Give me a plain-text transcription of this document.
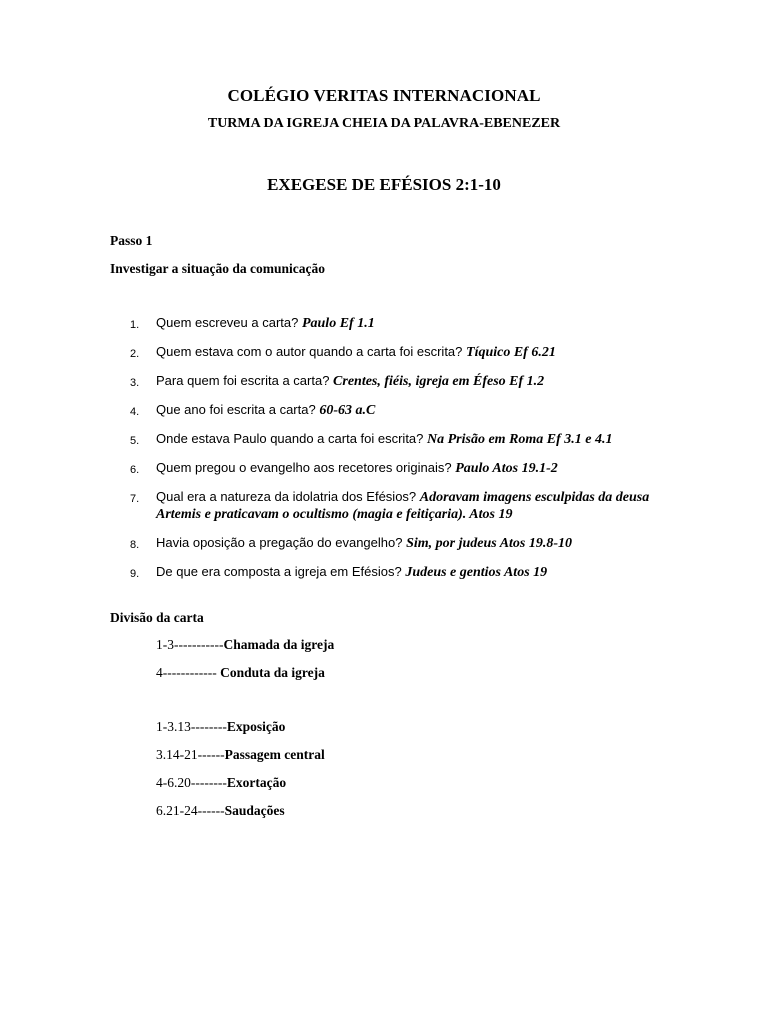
COLÉGIO VERITAS INTERNACIONAL
TURMA DA IGREJA CHEIA DA PALAVRA-EBENEZER
EXEGESE DE EFÉSIOS 2:1-10
Passo 1
Investigar a situação da comunicação
1. Quem escreveu a carta? Paulo Ef 1.1
2. Quem estava com o autor quando a carta foi escrita? Tíquico Ef 6.21
3. Para quem foi escrita a carta? Crentes, fiéis, igreja em Éfeso Ef 1.2
4. Que ano foi escrita a carta? 60-63 a.C
5. Onde estava Paulo quando a carta foi escrita? Na Prisão em Roma Ef 3.1 e 4.1
6. Quem pregou o evangelho aos recetores originais? Paulo Atos 19.1-2
7. Qual era a natureza da idolatria dos Efésios? Adoravam imagens esculpidas da deusa Artemis e praticavam o ocultismo (magia e feitiçaria). Atos 19
8. Havia oposição a pregação do evangelho? Sim, por judeus Atos 19.8-10
9. De que era composta a igreja em Efésios? Judeus e gentios Atos 19
Divisão da carta
1-3-----------Chamada da igreja
4------------ Conduta da igreja
1-3.13--------Exposição
3.14-21------Passagem central
4-6.20--------Exortação
6.21-24------Saudações
